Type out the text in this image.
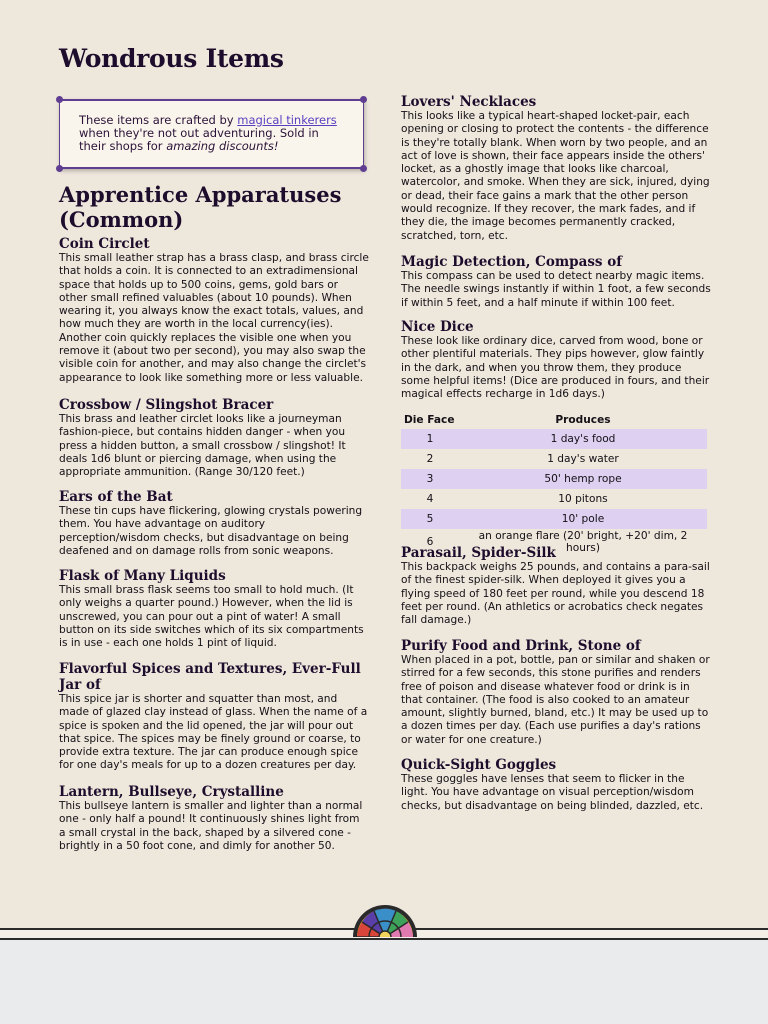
Wondrous Items
These items are crafted by magical tinkerers when they're not out adventuring. Sold in their shops for amazing discounts!
Apprentice Apparatuses (Common)
Coin Circlet

This small leather strap has a brass clasp, and brass circle that holds a coin. It is connected to an extradimensional space that holds up to 500 coins, gems, gold bars or other small refined valuables (about 10 pounds). When wearing it, you always know the exact totals, values, and how much they are worth in the local currency(ies). Another coin quickly replaces the visible one when you remove it (about two per second), you may also swap the visible coin for another, and may also change the circlet's appearance to look like something more or less valuable.

Crossbow / Slingshot Bracer

This brass and leather circlet looks like a journeyman fashion-piece, but contains hidden danger - when you press a hidden button, a small crossbow / slingshot! It deals 1d6 blunt or piercing damage, when using the appropriate ammunition. (Range 30/120 feet.)

Ears of the Bat

These tin cups have flickering, glowing crystals powering them. You have advantage on auditory perception/wisdom checks, but disadvantage on being deafened and on damage rolls from sonic weapons.

Flask of Many Liquids

This small brass flask seems too small to hold much. (It only weighs a quarter pound.) However, when the lid is unscrewed, you can pour out a pint of water! A small button on its side switches which of its six compartments is in use - each one holds 1 pint of liquid.

Flavorful Spices and Textures, Ever-Full Jar of

This spice jar is shorter and squatter than most, and made of glazed clay instead of glass. When the name of a spice is spoken and the lid opened, the jar will pour out that spice. The spices may be finely ground or coarse, to provide extra texture. The jar can produce enough spice for one day's meals for up to a dozen creatures per day.

Lantern, Bullseye, Crystalline

This bullseye lantern is smaller and lighter than a normal one - only half a pound! It continuously shines light from a small crystal in the back, shaped by a silvered cone - brightly in a 50 foot cone, and dimly for another 50.

Lovers' Necklaces

This looks like a typical heart-shaped locket-pair, each opening or closing to protect the contents - the difference is they're totally blank. When worn by two people, and an act of love is shown, their face appears inside the others' locket, as a ghostly image that looks like charcoal, watercolor, and smoke. When they are sick, injured, dying or dead, their face gains a mark that the other person would recognize. If they recover, the mark fades, and if they die, the image becomes permanently cracked, scratched, torn, etc.

Magic Detection, Compass of

This compass can be used to detect nearby magic items. The needle swings instantly if within 1 foot, a few seconds if within 5 feet, and a half minute if within 100 feet.

Nice Dice

These look like ordinary dice, carved from wood, bone or other plentiful materials. They pips however, glow faintly in the dark, and when you throw them, they produce some helpful items! (Dice are produced in fours, and their magical effects recharge in 1d6 days.)

Die Face	Produces
1	1 day's food
2	1 day's water
3	50' hemp rope
4	10 pitons
5	10' pole
6	an orange flare (20' bright, +20' dim, 2 hours)
Parasail, Spider-Silk

This backpack weighs 25 pounds, and contains a para-sail of the finest spider-silk. When deployed it gives you a flying speed of 180 feet per round, while you descend 18 feet per round. (An athletics or acrobatics check negates fall damage.)

Purify Food and Drink, Stone of

When placed in a pot, bottle, pan or similar and shaken or stirred for a few seconds, this stone purifies and renders free of poison and disease whatever food or drink is in that container. (The food is also cooked to an amateur amount, slightly burned, bland, etc.) It may be used up to a dozen times per day. (Each use purifies a day's rations or water for one creature.)

Quick-Sight Goggles

These goggles have lenses that seem to flicker in the light. You have advantage on visual perception/wisdom checks, but disadvantage on being blinded, dazzled, etc.
